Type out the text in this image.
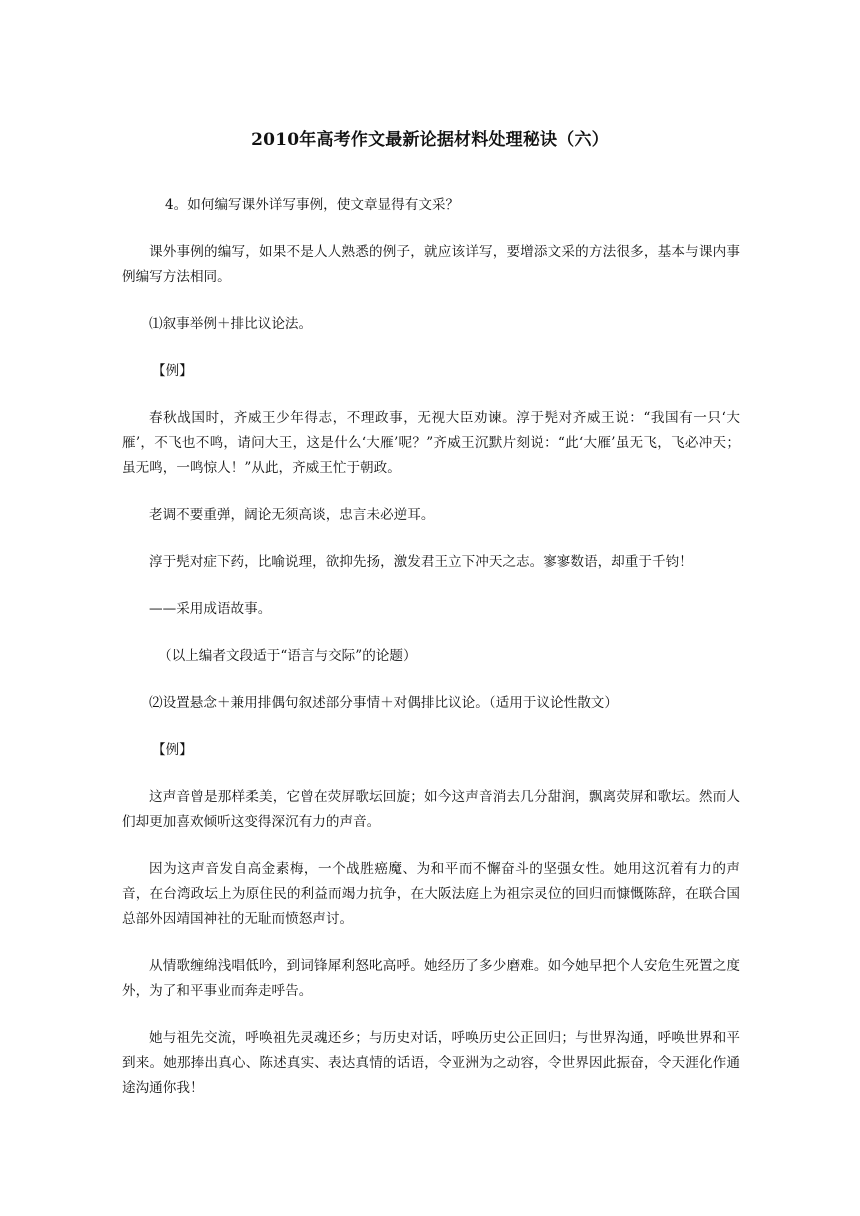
2010年高考作文最新论据材料处理秘诀（六）

4。如何编写课外详写事例，使文章显得有文采？

课外事例的编写，如果不是人人熟悉的例子，就应该详写，要增添文采的方法很多，基本与课内事例编写方法相同。

⑴叙事举例＋排比议论法。

【例】

春秋战国时，齐威王少年得志，不理政事，无视大臣劝谏。淳于髡对齐威王说：“我国有一只‘大雁’，不飞也不鸣，请问大王，这是什么‘大雁’呢？”齐威王沉默片刻说：“此‘大雁’虽无飞，飞必冲天；虽无鸣，一鸣惊人！”从此，齐威王忙于朝政。

老调不要重弹，阔论无须高谈，忠言未必逆耳。

淳于髡对症下药，比喻说理，欲抑先扬，激发君王立下冲天之志。寥寥数语，却重于千钧！

——采用成语故事。

（以上编者文段适于“语言与交际”的论题）

⑵设置悬念＋兼用排偶句叙述部分事情＋对偶排比议论。（适用于议论性散文）

【例】

这声音曾是那样柔美，它曾在荧屏歌坛回旋；如今这声音消去几分甜润，飘离荧屏和歌坛。然而人们却更加喜欢倾听这变得深沉有力的声音。

因为这声音发自高金素梅，一个战胜癌魔、为和平而不懈奋斗的坚强女性。她用这沉着有力的声音，在台湾政坛上为原住民的利益而竭力抗争，在大阪法庭上为祖宗灵位的回归而慷慨陈辞，在联合国总部外因靖国神社的无耻而愤怒声讨。

从情歌缠绵浅唱低吟，到词锋犀利怒叱高呼。她经历了多少磨难。如今她早把个人安危生死置之度外，为了和平事业而奔走呼告。

她与祖先交流，呼唤祖先灵魂还乡；与历史对话，呼唤历史公正回归；与世界沟通，呼唤世界和平到来。她那捧出真心、陈述真实、表达真情的话语，令亚洲为之动容，令世界因此振奋，令天涯化作通途沟通你我！
